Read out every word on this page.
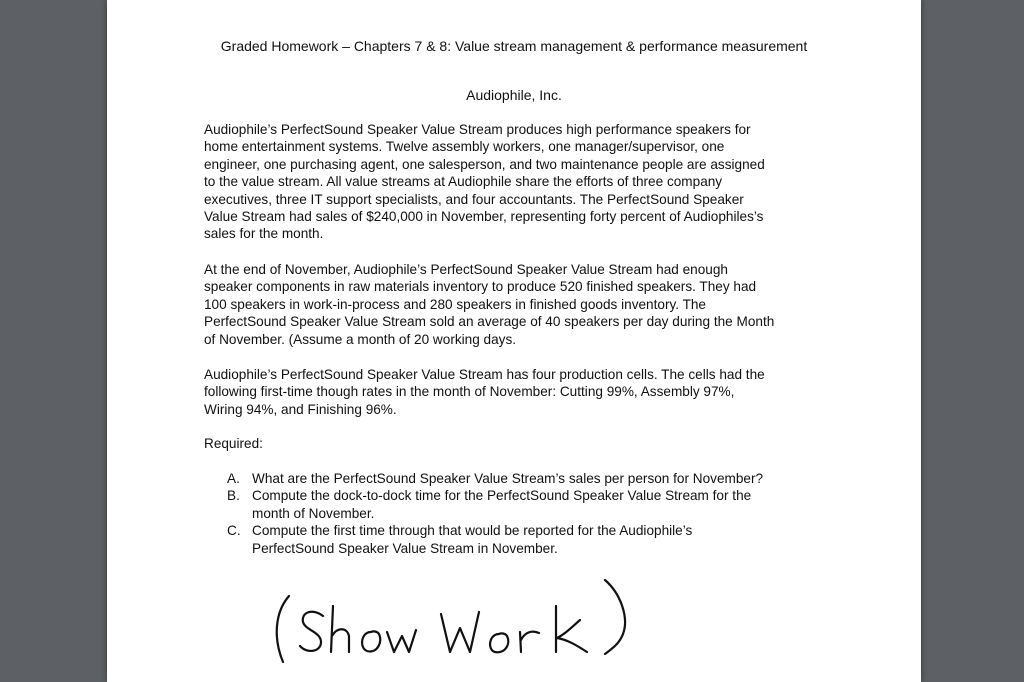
Graded Homework – Chapters 7 & 8: Value stream management & performance measurement
Audiophile, Inc.

Audiophile’s PerfectSound Speaker Value Stream produces high performance speakers for
home entertainment systems. Twelve assembly workers, one manager/supervisor, one
engineer, one purchasing agent, one salesperson, and two maintenance people are assigned
to the value stream. All value streams at Audiophile share the efforts of three company
executives, three IT support specialists, and four accountants. The PerfectSound Speaker
Value Stream had sales of $240,000 in November, representing forty percent of Audiophiles’s
sales for the month.

At the end of November, Audiophile’s PerfectSound Speaker Value Stream had enough
speaker components in raw materials inventory to produce 520 finished speakers. They had
100 speakers in work-in-process and 280 speakers in finished goods inventory. The
PerfectSound Speaker Value Stream sold an average of 40 speakers per day during the Month
of November. (Assume a month of 20 working days.

Audiophile’s PerfectSound Speaker Value Stream has four production cells. The cells had the
following first-time though rates in the month of November: Cutting 99%, Assembly 97%,
Wiring 94%, and Finishing 96%.

Required:
A. What are the PerfectSound Speaker Value Stream’s sales per person for November?
B. Compute the dock-to-dock time for the PerfectSound Speaker Value Stream for the
month of November.
C. Compute the first time through that would be reported for the Audiophile’s
PerfectSound Speaker Value Stream in November.
